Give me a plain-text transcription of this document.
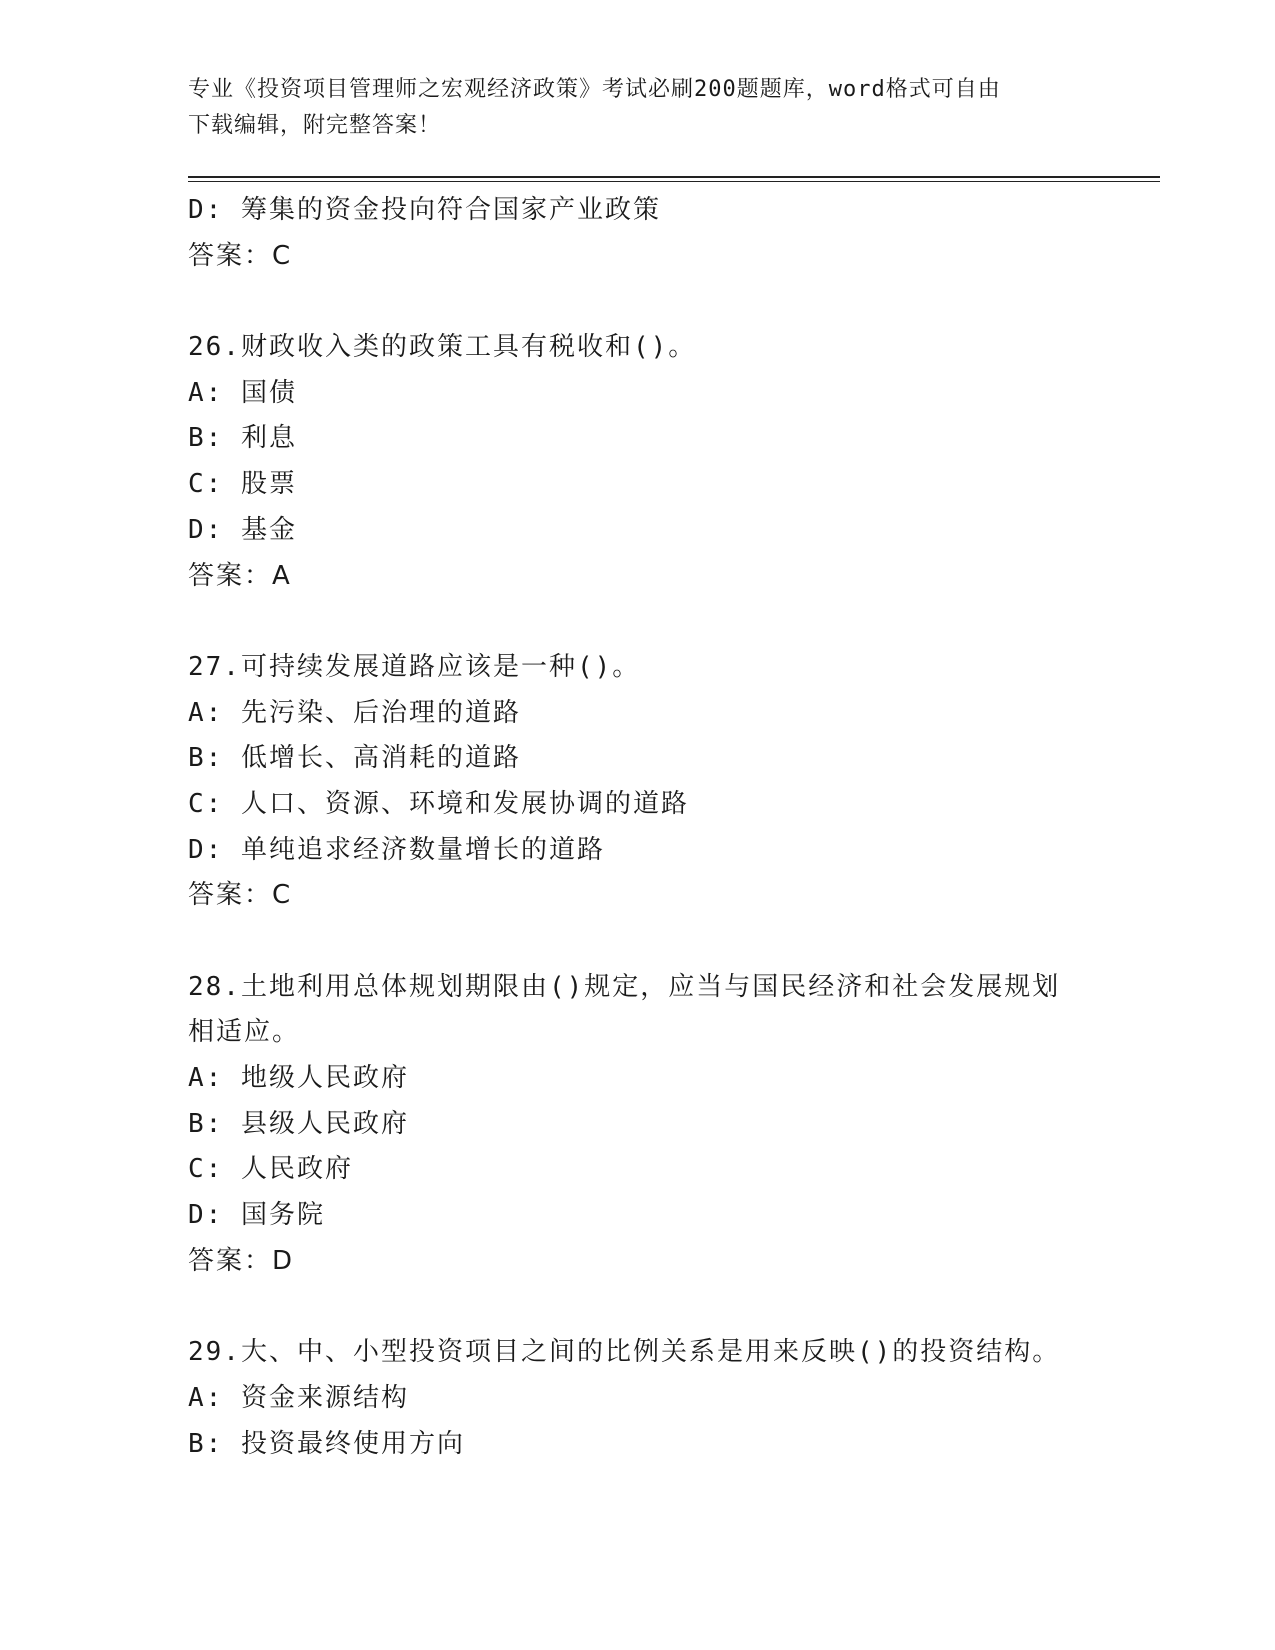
专业《投资项目管理师之宏观经济政策》考试必刷200题题库，word格式可自由
下载编辑，附完整答案！
D: 筹集的资金投向符合国家产业政策
答案：C
26.财政收入类的政策工具有税收和()。
A: 国债
B: 利息
C: 股票
D: 基金
答案：A
27.可持续发展道路应该是一种()。
A: 先污染、后治理的道路
B: 低增长、高消耗的道路
C: 人口、资源、环境和发展协调的道路
D: 单纯追求经济数量增长的道路
答案：C
28.土地利用总体规划期限由()规定，应当与国民经济和社会发展规划
相适应。
A: 地级人民政府
B: 县级人民政府
C: 人民政府
D: 国务院
答案：D
29.大、中、小型投资项目之间的比例关系是用来反映()的投资结构。
A: 资金来源结构
B: 投资最终使用方向
